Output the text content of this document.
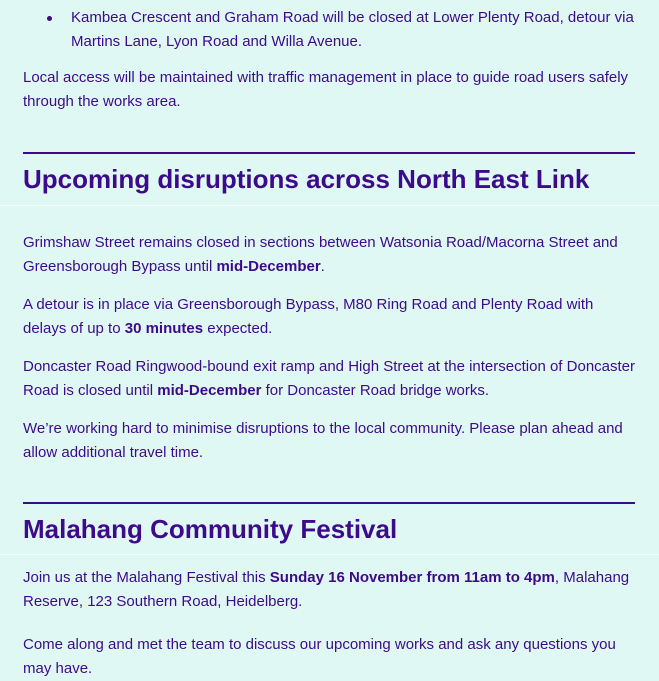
Kambea Crescent and Graham Road will be closed at Lower Plenty Road, detour via Martins Lane, Lyon Road and Willa Avenue.

Local access will be maintained with traffic management in place to guide road users safely through the works area.

Upcoming disruptions across North East Link

Grimshaw Street remains closed in sections between Watsonia Road/Macorna Street and Greensborough Bypass until mid-December.

A detour is in place via Greensborough Bypass, M80 Ring Road and Plenty Road with delays of up to 30 minutes expected.

Doncaster Road Ringwood-bound exit ramp and High Street at the intersection of Doncaster Road is closed until mid-December for Doncaster Road bridge works.

We’re working hard to minimise disruptions to the local community. Please plan ahead and allow additional travel time.

Malahang Community Festival

Join us at the Malahang Festival this Sunday 16 November from 11am to 4pm, Malahang Reserve, 123 Southern Road, Heidelberg.

Come along and met the team to discuss our upcoming works and ask any questions you may have.
